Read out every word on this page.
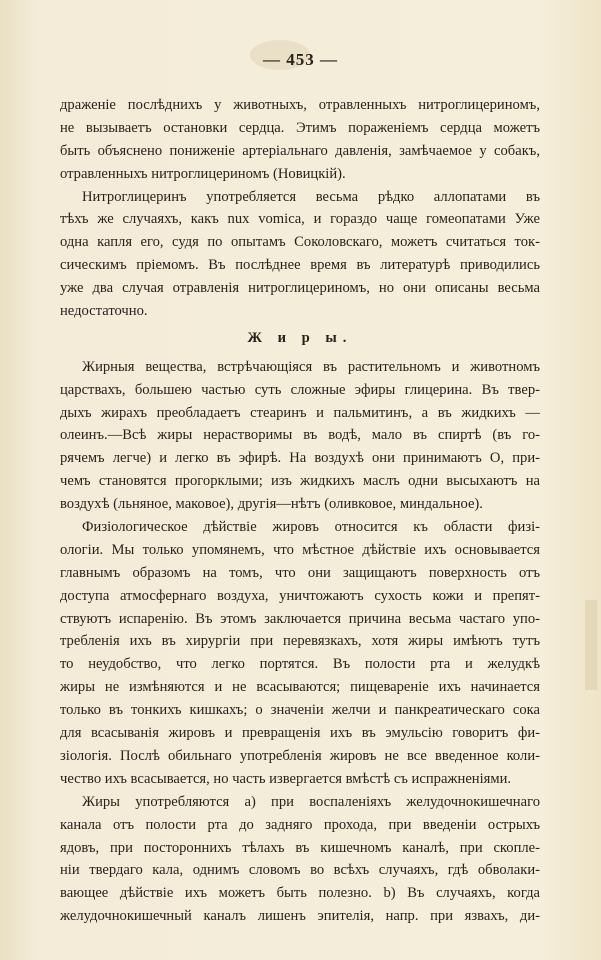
— 453 —
драженіе послѣднихъ у животныхъ, отравленныхъ нитроглицериномъ,
не вызываетъ остановки сердца. Этимъ пораженіемъ сердца можетъ
быть объяснено пониженіе артеріальнаго давленія, замѣчаемое у собакъ,
отравленныхъ нитроглицериномъ (Новицкій).
Нитроглицеринъ употребляется весьма рѣдко аллопатами въ
тѣхъ же случаяхъ, какъ nux vomica, и гораздо чаще гомеопатами Уже
одна капля его, судя по опытамъ Соколовскаго, можетъ считаться ток-
сическимъ пріемомъ. Въ послѣднее время въ литературѣ приводились
уже два случая отравленія нитроглицериномъ, но они описаны весьма
недостаточно.
Ж и р ы.
Жирныя вещества, встрѣчающіяся въ растительномъ и животномъ
царствахъ, большею частью суть сложные эфиры глицерина. Въ твер-
дыхъ жирахъ преобладаетъ стеаринъ и пальмитинъ, а въ жидкихъ —
олеинъ.—Всѣ жиры нерастворимы въ водѣ, мало въ спиртѣ (въ го-
рячемъ легче) и легко въ эфирѣ. На воздухѣ они принимаютъ О, при-
чемъ становятся прогорклыми; изъ жидкихъ маслъ одни высыхаютъ на
воздухѣ (льняное, маковое), другія—нѣтъ (оливковое, миндальное).
Физіологическое дѣйствіе жировъ относится къ области физі-
ологіи. Мы только упомянемъ, что мѣстное дѣйствіе ихъ основывается
главнымъ образомъ на томъ, что они защищаютъ поверхность отъ
доступа атмосфернаго воздуха, уничтожаютъ сухость кожи и препят-
ствуютъ испаренію. Въ этомъ заключается причина весьма частаго упо-
требленія ихъ въ хирургіи при перевязкахъ, хотя жиры имѣютъ тутъ
то неудобство, что легко портятся. Въ полости рта и желудкѣ
жиры не измѣняются и не всасываются; пищевареніе ихъ начинается
только въ тонкихъ кишкахъ; о значеніи желчи и панкреатическаго сока
для всасыванія жировъ и превращенія ихъ въ эмульсію говоритъ фи-
зіологія. Послѣ обильнаго употребленія жировъ не все введенное коли-
чество ихъ всасывается, но часть извергается вмѣстѣ съ испражненіями.
Жиры употребляются а) при воспаленіяхъ желудочнокишечнаго
канала отъ полости рта до задняго прохода, при введеніи острыхъ
ядовъ, при постороннихъ тѣлахъ въ кишечномъ каналѣ, при скопле-
ніи твердаго кала, однимъ словомъ во всѣхъ случаяхъ, гдѣ обволаки-
вающее дѣйствіе ихъ можетъ быть полезно. b) Въ случаяхъ, когда
желудочнокишечный каналъ лишенъ эпителія, напр. при язвахъ, ди-
